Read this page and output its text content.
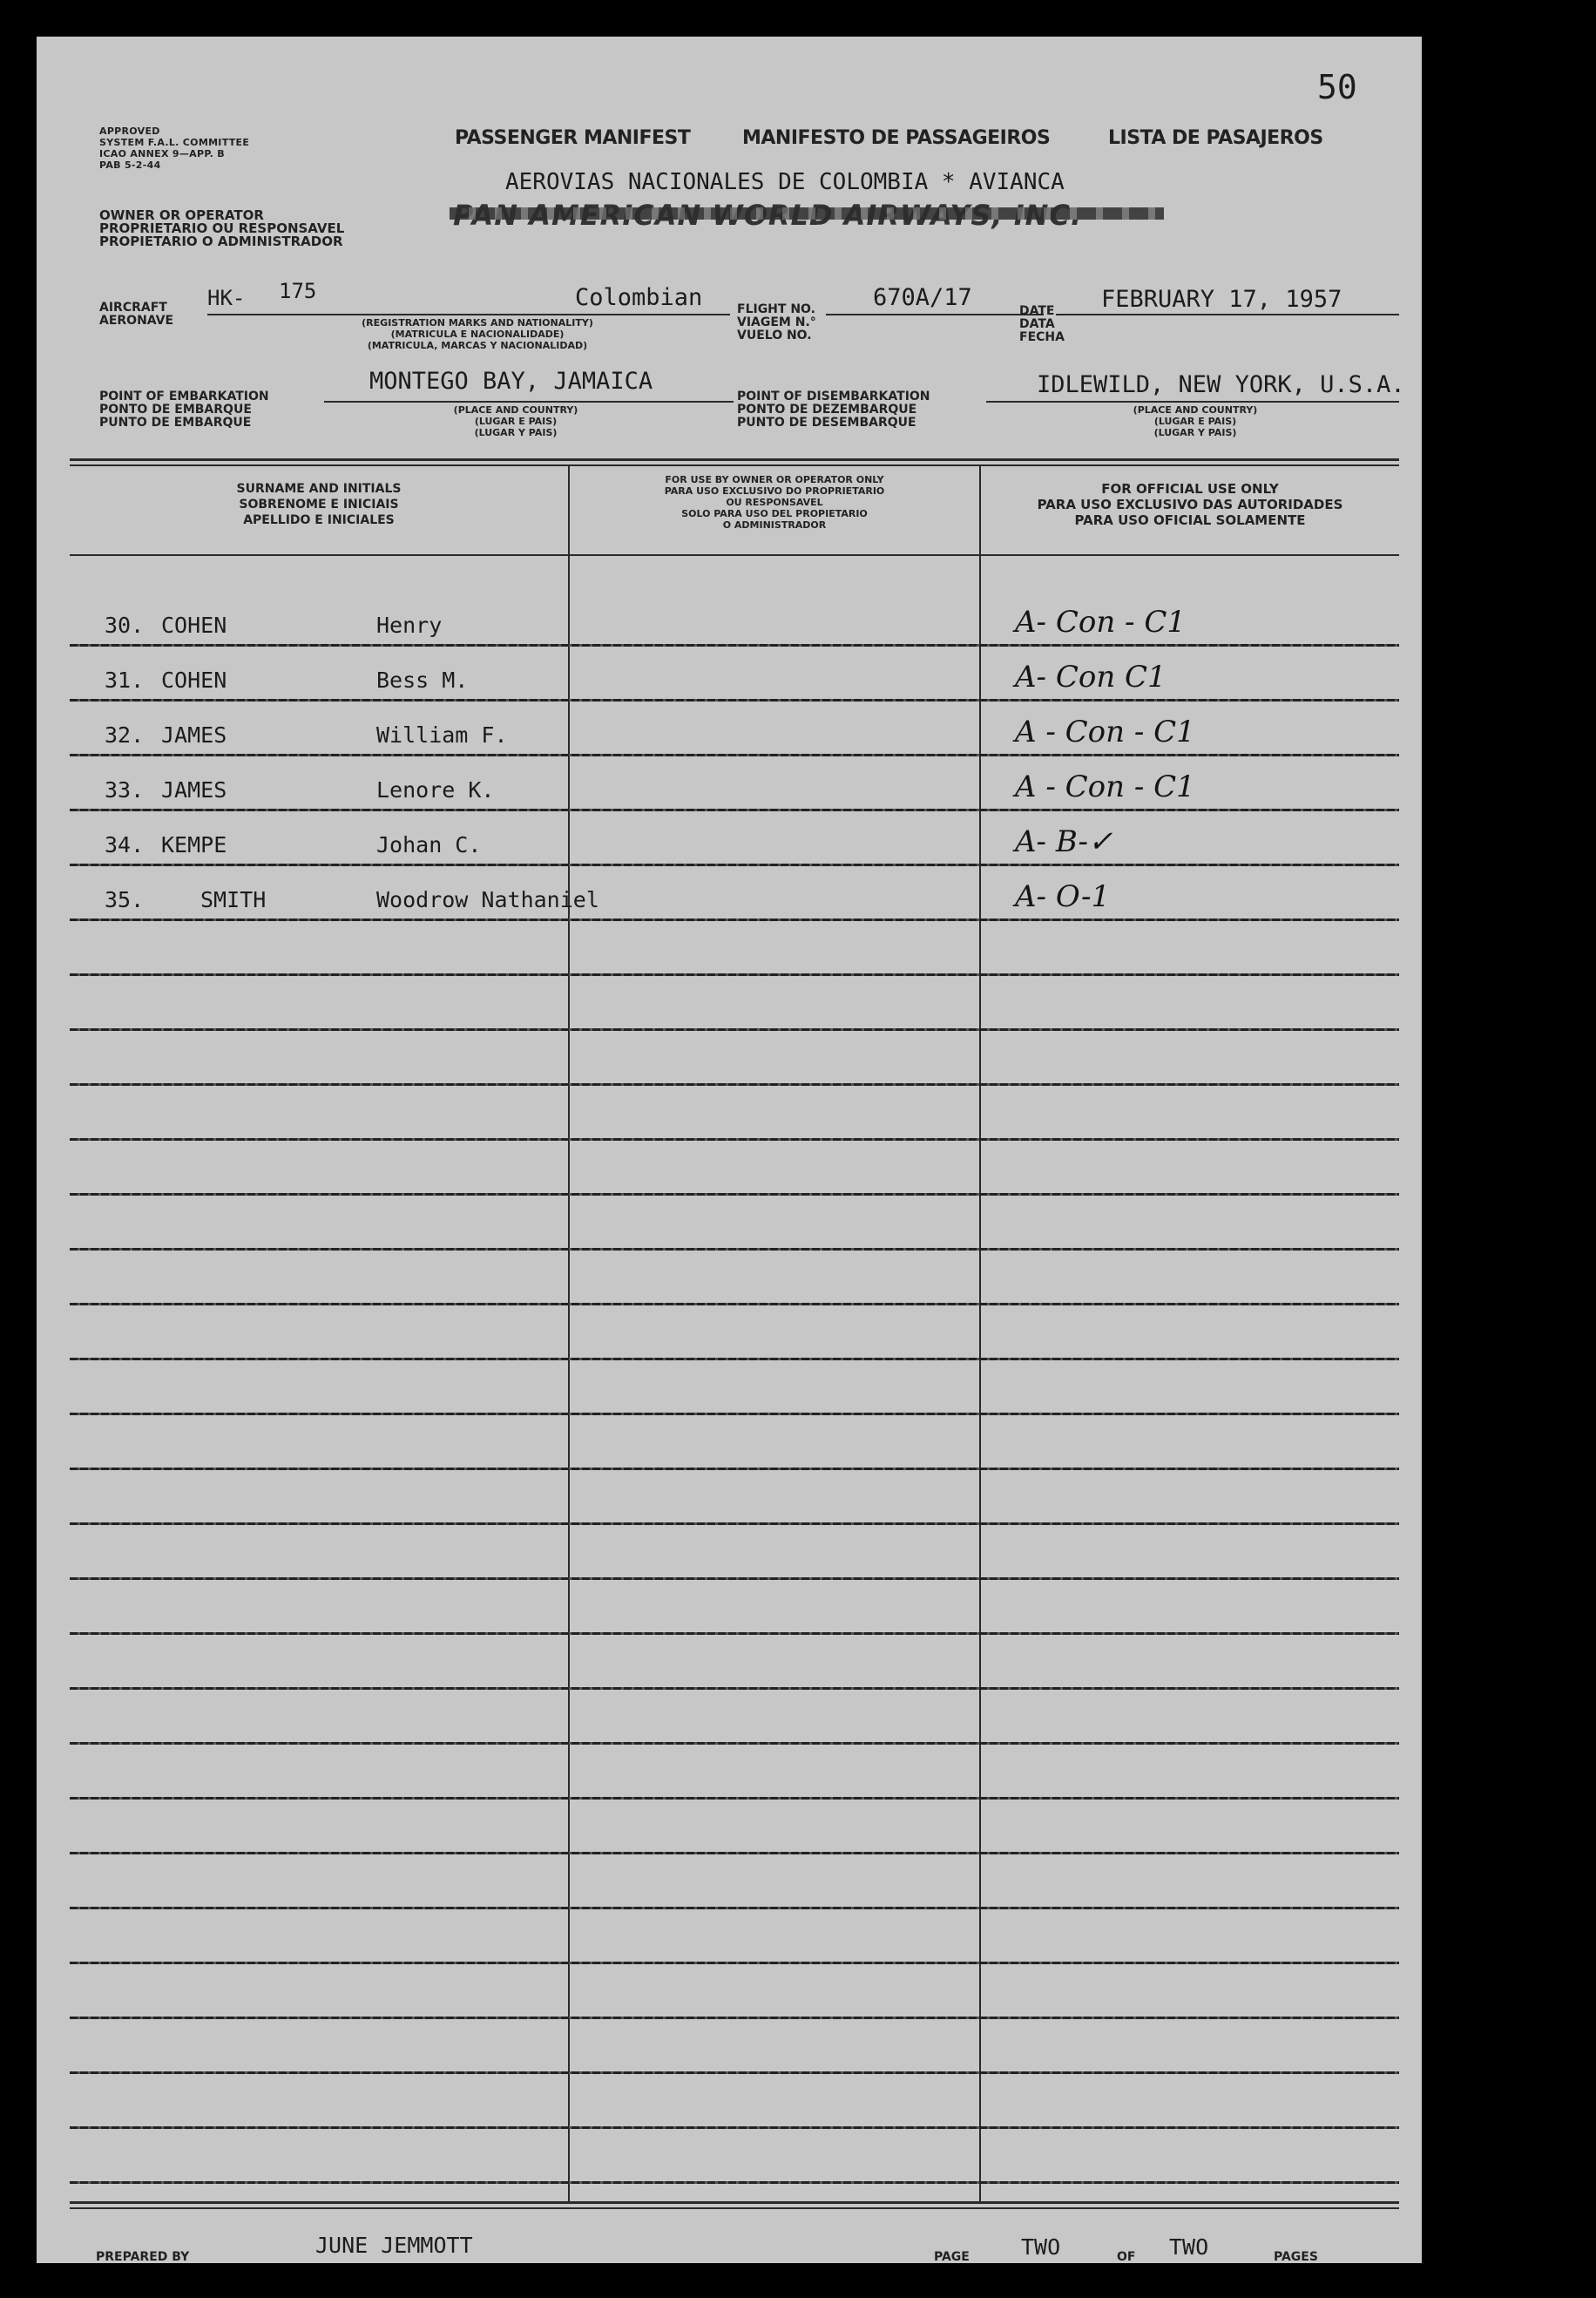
50
APPROVED
SYSTEM F.A.L. COMMITTEE
ICAO ANNEX 9—APP. B
PAB 5-2-44
OWNER OR OPERATOR
PROPRIETARIO OU RESPONSAVEL
PROPIETARIO O ADMINISTRADOR
PASSENGER MANIFEST	MANIFESTO DE PASSAGEIROS	LISTA DE PASAJEROS
AEROVIAS NACIONALES DE COLOMBIA * AVIANCA
AIRCRAFT
AERONAVE
HK- 175	Colombian
(REGISTRATION MARKS AND NATIONALITY)
(MATRICULA E NACIONALIDADE)
(MATRICULA, MARCAS Y NACIONALIDAD)
FLIGHT NO.
VIAGEM N.°
VUELO NO.
670A/17	DATE
DATA
FECHA
FEBRUARY 17, 1957
POINT OF EMBARKATION
PONTO DE EMBARQUE
PUNTO DE EMBARQUE
MONTEGO BAY, JAMAICA
(PLACE AND COUNTRY)
(LUGAR E PAIS)
(LUGAR Y PAIS)
POINT OF DISEMBARKATION
PONTO DE DEZEMBARQUE
PUNTO DE DESEMBARQUE
IDLEWILD, NEW YORK, U.S.A.
(PLACE AND COUNTRY)
(LUGAR E PAIS)
(LUGAR Y PAIS)
SURNAME AND INITIALS
SOBRENOME E INICIAIS
APELLIDO E INICIALES
FOR USE BY OWNER OR OPERATOR ONLY
PARA USO EXCLUSIVO DO PROPRIETARIO
OU RESPONSAVEL
SOLO PARA USO DEL PROPIETARIO
O ADMINISTRADOR
FOR OFFICIAL USE ONLY
PARA USO EXCLUSIVO DAS AUTORIDADES
PARA USO OFICIAL SOLAMENTE
30. COHEN	Henry	A- Con - C1
31. COHEN	Bess M.	A- Con C1
32. JAMES	William F.	A - Con - C1
33. JAMES	Lenore K.	A - Con - C1
34. KEMPE	Johan C.	A- B-✓
35.	SMITH	Woodrow Nathaniel	A- O-1
PREPARED BY	JUNE JEMMOTT	PAGE TWO	OF TWO	PAGES
